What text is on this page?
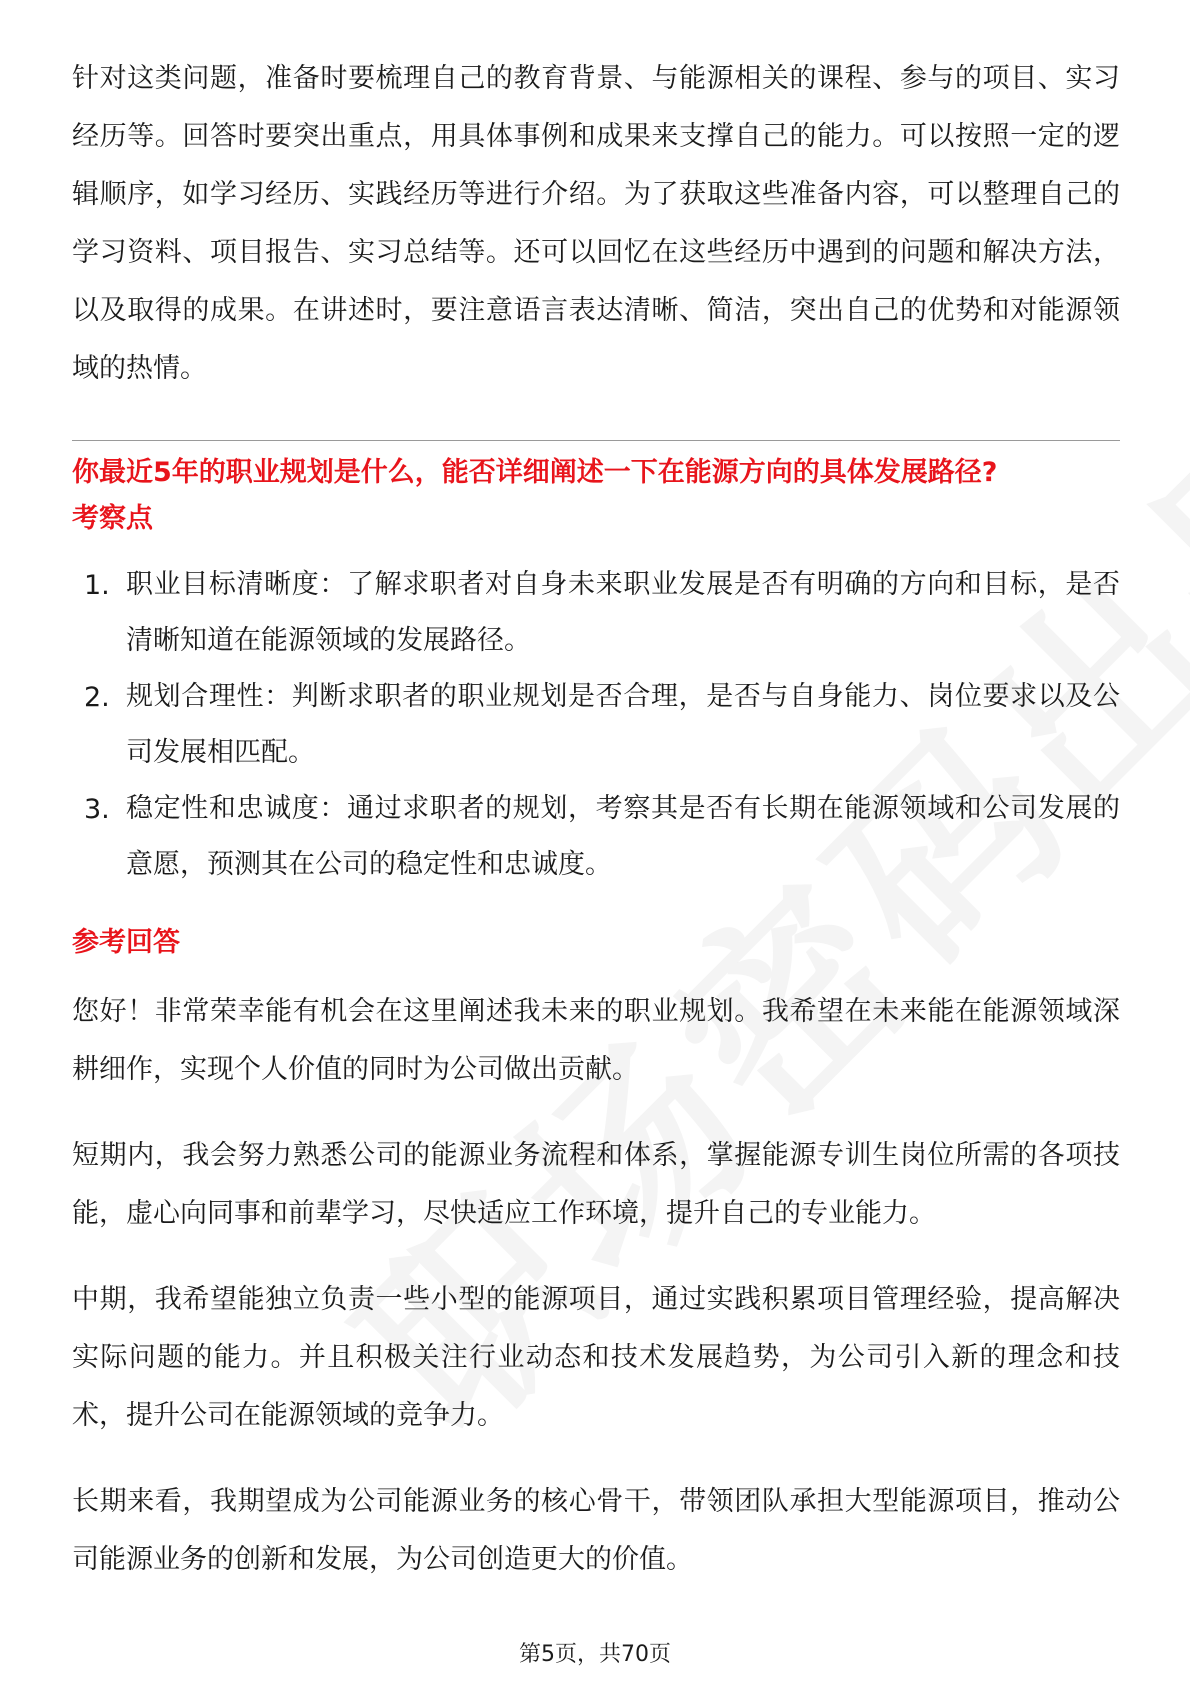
针对这类问题，准备时要梳理自己的教育背景、与能源相关的课程、参与的项目、实习经历等。回答时要突出重点，用具体事例和成果来支撑自己的能力。可以按照一定的逻辑顺序，如学习经历、实践经历等进行介绍。为了获取这些准备内容，可以整理自己的学习资料、项目报告、实习总结等。还可以回忆在这些经历中遇到的问题和解决方法，以及取得的成果。在讲述时，要注意语言表达清晰、简洁，突出自己的优势和对能源领域的热情。

你最近5年的职业规划是什么，能否详细阐述一下在能源方向的具体发展路径?
考察点
1. 职业目标清晰度：了解求职者对自身未来职业发展是否有明确的方向和目标，是否清晰知道在能源领域的发展路径。

2. 规划合理性：判断求职者的职业规划是否合理，是否与自身能力、岗位要求以及公司发展相匹配。

3. 稳定性和忠诚度：通过求职者的规划，考察其是否有长期在能源领域和公司发展的意愿，预测其在公司的稳定性和忠诚度。

参考回答

您好！非常荣幸能有机会在这里阐述我未来的职业规划。我希望在未来能在能源领域深耕细作，实现个人价值的同时为公司做出贡献。

短期内，我会努力熟悉公司的能源业务流程和体系，掌握能源专训生岗位所需的各项技能，虚心向同事和前辈学习，尽快适应工作环境，提升自己的专业能力。

中期，我希望能独立负责一些小型的能源项目，通过实践积累项目管理经验，提高解决实际问题的能力。并且积极关注行业动态和技术发展趋势，为公司引入新的理念和技术，提升公司在能源领域的竞争力。

长期来看，我期望成为公司能源业务的核心骨干，带领团队承担大型能源项目，推动公司能源业务的创新和发展，为公司创造更大的价值。

第5页，共70页
